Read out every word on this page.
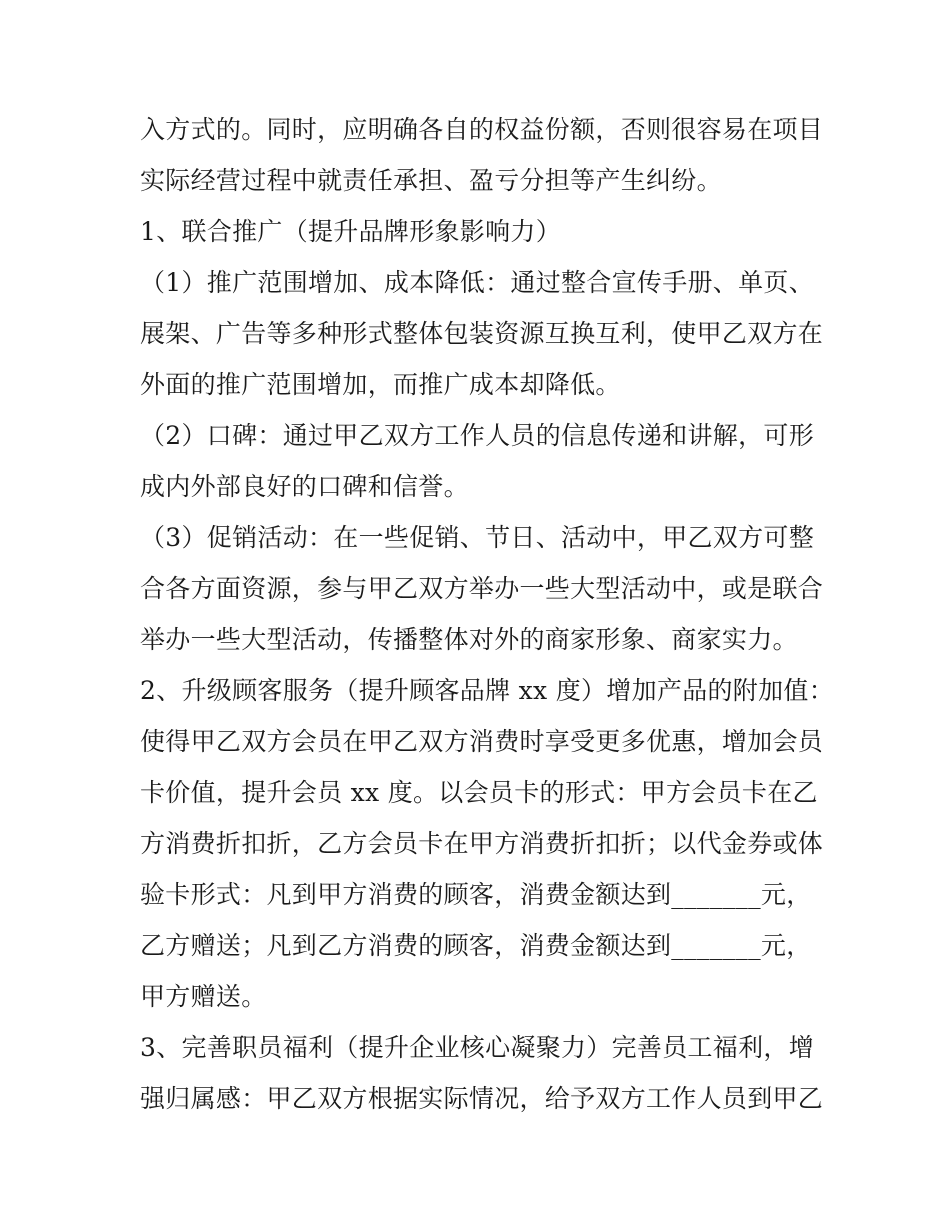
入方式的。同时，应明确各自的权益份额，否则很容易在项目
实际经营过程中就责任承担、盈亏分担等产生纠纷。
1、联合推广（提升品牌形象影响力）
（1）推广范围增加、成本降低：通过整合宣传手册、单页、
展架、广告等多种形式整体包装资源互换互利，使甲乙双方在
外面的推广范围增加，而推广成本却降低。
（2）口碑：通过甲乙双方工作人员的信息传递和讲解，可形
成内外部良好的口碑和信誉。
（3）促销活动：在一些促销、节日、活动中，甲乙双方可整
合各方面资源，参与甲乙双方举办一些大型活动中，或是联合
举办一些大型活动，传播整体对外的商家形象、商家实力。
2、升级顾客服务（提升顾客品牌 xx 度）增加产品的附加值：
使得甲乙双方会员在甲乙双方消费时享受更多优惠，增加会员
卡价值，提升会员 xx 度。以会员卡的形式：甲方会员卡在乙
方消费折扣折，乙方会员卡在甲方消费折扣折；以代金券或体
验卡形式：凡到甲方消费的顾客，消费金额达到_______元，
乙方赠送；凡到乙方消费的顾客，消费金额达到_______元，
甲方赠送。
3、完善职员福利（提升企业核心凝聚力）完善员工福利，增
强归属感：甲乙双方根据实际情况，给予双方工作人员到甲乙
